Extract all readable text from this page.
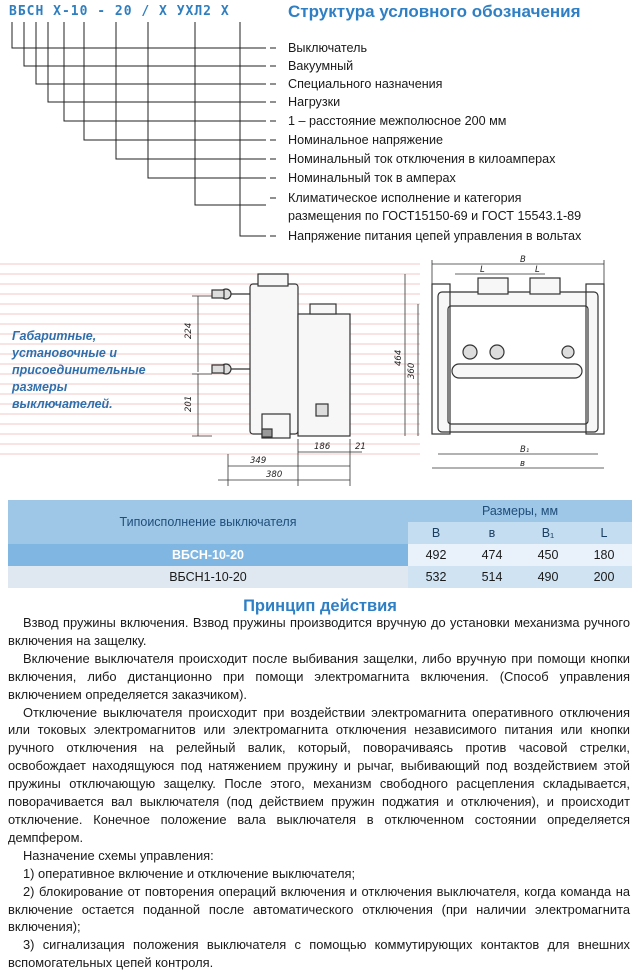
ВБСН Х-10 - 20 / Х УХЛ2 Х	Структура условного обозначения
Выключатель
Вакуумный
Специального назначения
Нагрузки
1 – расстояние межполюсное 200 мм
Номинальное напряжение
Номинальный ток отключения в килоамперах
Номинальный ток в амперах
Климатическое исполнение и категория
размещения по ГОСТ15150-69 и ГОСТ 15543.1-89
Напряжение питания цепей управления в вольтах
224
201
186	21
349
380
B
L	L
464
360
B₁
в
Габаритные,
установочные и
присоединительные
размеры
выключателей.
Типоисполнение выключателя	Размеры, мм			
	B	в	B₁	L
ВБСН-10-20	492	474	450	180
ВБСН1-10-20	532	514	490	200
Принцип действия

Взвод пружины включения. Взвод пружины производится вручную до установки механизма ручного включения на защелку.

Включение выключателя происходит после выбивания защелки, либо вручную при помощи кнопки включения, либо дистанционно при помощи электромагнита включения. (Способ управления включением определяется заказчиком).

Отключение выключателя происходит при воздействии электромагнита оперативного отключения или токовых электромагнитов или электромагнита отключения независимого питания или кнопки ручного отключения на релейный валик, который, поворачиваясь против часовой стрелки, освобождает находящуюся под натяжением пружину и рычаг, выбивающий под воздействием этой пружины отключающую защелку. После этого, механизм свободного расцепления складывается, поворачивается вал выключателя (под действием пружин поджатия и отключения), и происходит отключение. Конечное положение вала выключателя в отключенном состоянии определяется демпфером.

Назначение схемы управления:

1) оперативное включение и отключение выключателя;

2) блокирование от повторения операций включения и отключения выключателя, когда команда на включение остается поданной после автоматического отключения (при наличии электромагнита включения);

3) сигнализация положения выключателя с помощью коммутирующих контактов для внешних вспомогательных цепей контроля.
